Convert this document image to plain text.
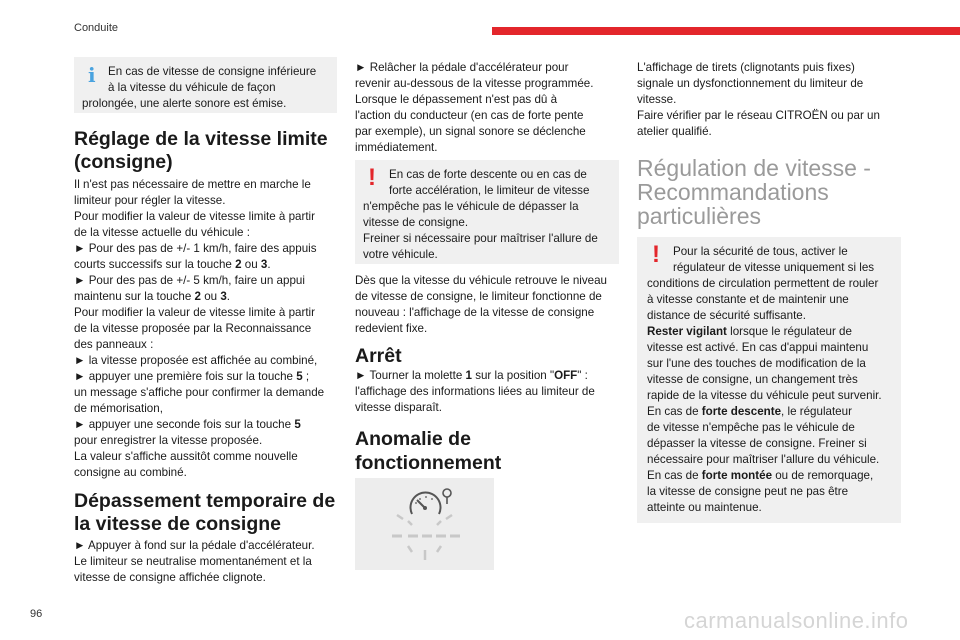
Conduite
i	En cas de vitesse de consigne inférieure

à la vitesse du véhicule de façon

prolongée, une alerte sonore est émise.

Réglage de la vitesse limite
(consigne)

Il n'est pas nécessaire de mettre en marche le

limiteur pour régler la vitesse.

Pour modifier la valeur de vitesse limite à partir

de la vitesse actuelle du véhicule :

► Pour des pas de +/- 1 km/h, faire des appuis

courts successifs sur la touche 2 ou 3.

► Pour des pas de +/- 5 km/h, faire un appui

maintenu sur la touche 2 ou 3.

Pour modifier la valeur de vitesse limite à partir

de la vitesse proposée par la Reconnaissance

des panneaux :

► la vitesse proposée est affichée au combiné,

► appuyer une première fois sur la touche 5 ;

un message s'affiche pour confirmer la demande

de mémorisation,

► appuyer une seconde fois sur la touche 5

pour enregistrer la vitesse proposée.

La valeur s'affiche aussitôt comme nouvelle

consigne au combiné.

Dépassement temporaire de
la vitesse de consigne

► Appuyer à fond sur la pédale d'accélérateur.

Le limiteur se neutralise momentanément et la

vitesse de consigne affichée clignote.

► Relâcher la pédale d'accélérateur pour

revenir au-dessous de la vitesse programmée.

Lorsque le dépassement n'est pas dû à

l'action du conducteur (en cas de forte pente

par exemple), un signal sonore se déclenche

immédiatement.

!	En cas de forte descente ou en cas de

forte accélération, le limiteur de vitesse

n'empêche pas le véhicule de dépasser la

vitesse de consigne.

Freiner si nécessaire pour maîtriser l'allure de

votre véhicule.

Dès que la vitesse du véhicule retrouve le niveau

de vitesse de consigne, le limiteur fonctionne de

nouveau : l'affichage de la vitesse de consigne

redevient fixe.

Arrêt

► Tourner la molette 1 sur la position "OFF" :

l'affichage des informations liées au limiteur de

vitesse disparaît.

Anomalie de
fonctionnement

L'affichage de tirets (clignotants puis fixes)

signale un dysfonctionnement du limiteur de

vitesse.

Faire vérifier par le réseau CITROËN ou par un

atelier qualifié.

Régulation de vitesse -
Recommandations
particulières
!	Pour la sécurité de tous, activer le

régulateur de vitesse uniquement si les

conditions de circulation permettent de rouler

à vitesse constante et de maintenir une

distance de sécurité suffisante.

Rester vigilant lorsque le régulateur de

vitesse est activé. En cas d'appui maintenu

sur l'une des touches de modification de la

vitesse de consigne, un changement très

rapide de la vitesse du véhicule peut survenir.

En cas de forte descente, le régulateur

de vitesse n'empêche pas le véhicule de

dépasser la vitesse de consigne. Freiner si

nécessaire pour maîtriser l'allure du véhicule.

En cas de forte montée ou de remorquage,

la vitesse de consigne peut ne pas être

atteinte ou maintenue.

96	carmanualsonline.info
